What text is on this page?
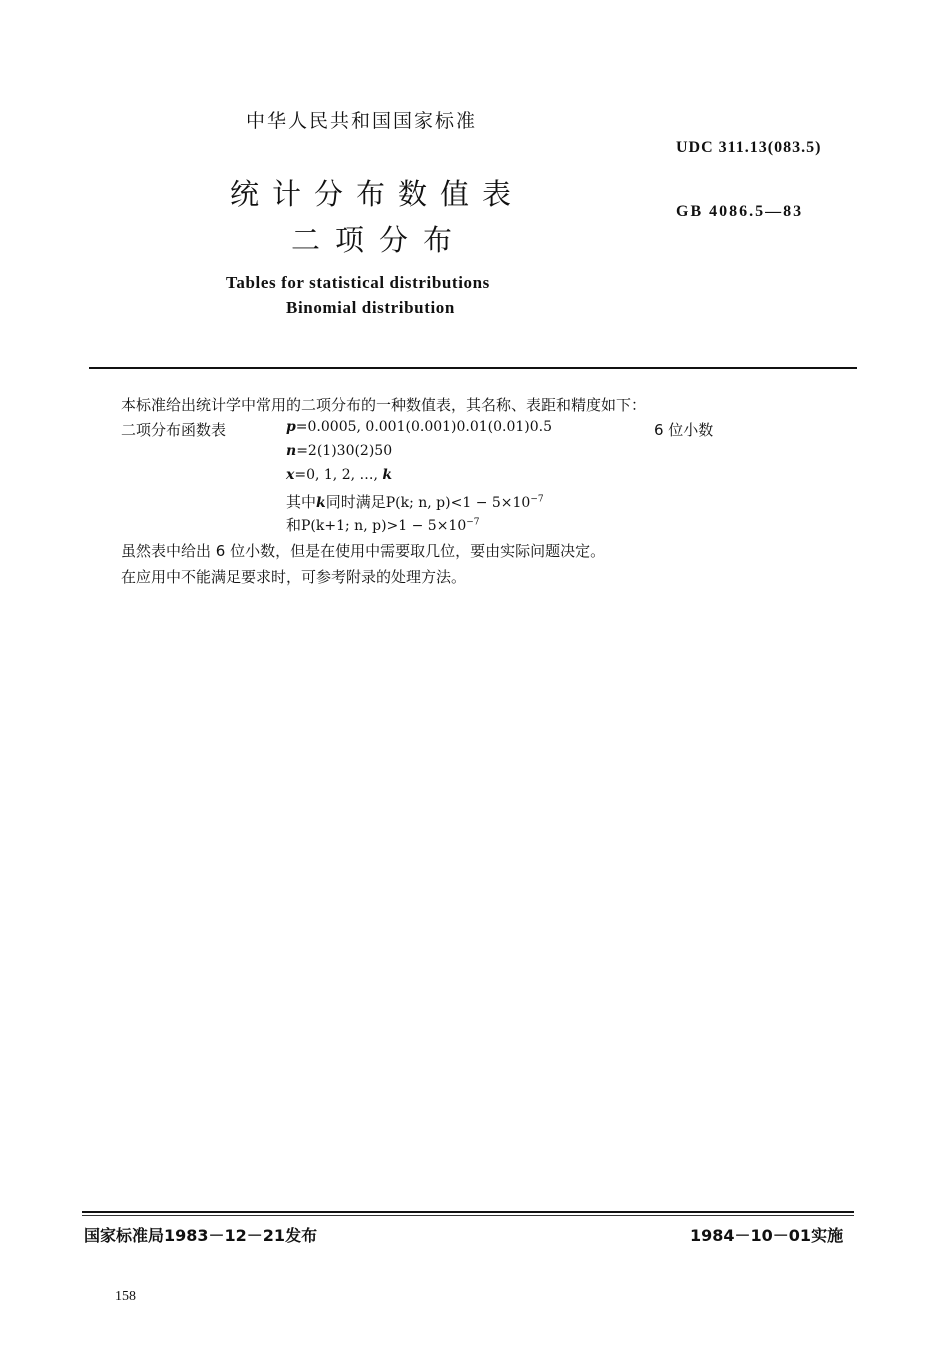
中华人民共和国国家标准
UDC 311.13(083.5)
统计分布数值表
GB 4086.5—83
二项分布
Tables for statistical distributions
Binomial distribution
本标准给出统计学中常用的二项分布的一种数值表，其名称、表距和精度如下：
二项分布函数表	p=0.0005, 0.001(0.001)0.01(0.01)0.5	6 位小数
n=2(1)30(2)50
x=0, 1, 2, …, k
其中k同时满足P(k; n, $p)<1 - 5\times 10^{-7}$
和P(k+1; n, $p)>1 - 5\times 10^{-7}$
虽然表中给出 6 位小数，但是在使用中需要取几位，要由实际问题决定。
在应用中不能满足要求时，可参考附录的处理方法。
国家标准局1983－12－21发布	1984－10－01实施
158
